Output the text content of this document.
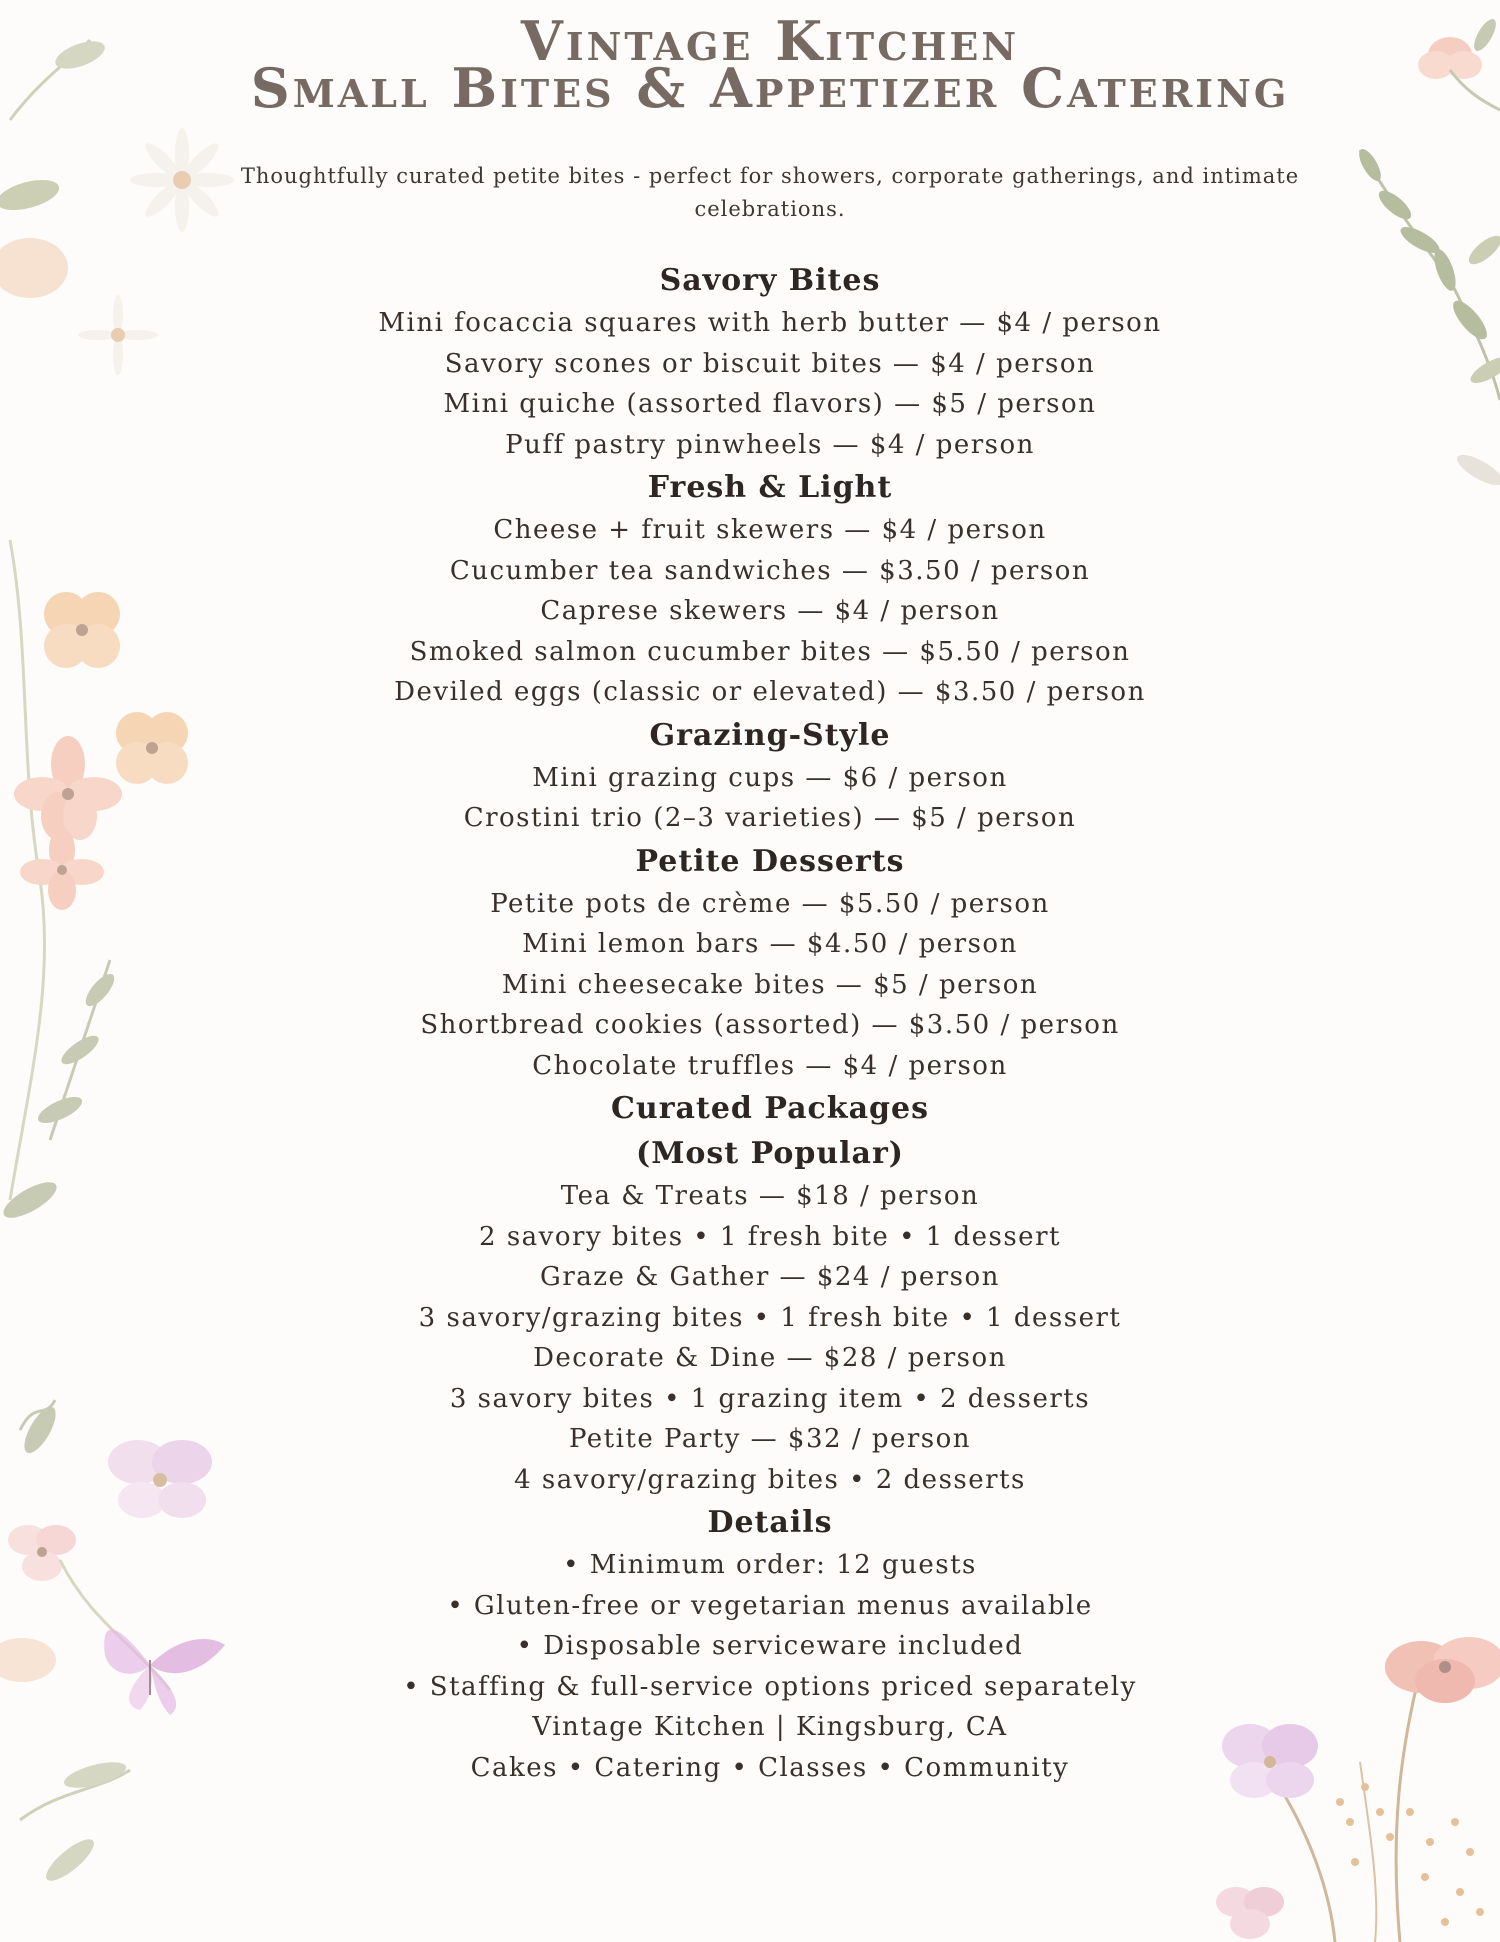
Vintage Kitchen
Small Bites & Appetizer Catering
Thoughtfully curated petite bites - perfect for showers, corporate gatherings, and intimate
celebrations.
Savory Bites
Mini focaccia squares with herb butter — $4 / person
Savory scones or biscuit bites — $4 / person
Mini quiche (assorted flavors) — $5 / person
Puff pastry pinwheels — $4 / person
Fresh & Light
Cheese + fruit skewers — $4 / person
Cucumber tea sandwiches — $3.50 / person
Caprese skewers — $4 / person
Smoked salmon cucumber bites — $5.50 / person
Deviled eggs (classic or elevated) — $3.50 / person
Grazing-Style
Mini grazing cups — $6 / person
Crostini trio (2–3 varieties) — $5 / person
Petite Desserts
Petite pots de crème — $5.50 / person
Mini lemon bars — $4.50 / person
Mini cheesecake bites — $5 / person
Shortbread cookies (assorted) — $3.50 / person
Chocolate truffles — $4 / person
Curated Packages
(Most Popular)
Tea & Treats — $18 / person
2 savory bites • 1 fresh bite • 1 dessert
Graze & Gather — $24 / person
3 savory/grazing bites • 1 fresh bite • 1 dessert
Decorate & Dine — $28 / person
3 savory bites • 1 grazing item • 2 desserts
Petite Party — $32 / person
4 savory/grazing bites • 2 desserts
Details
• Minimum order: 12 guests
• Gluten-free or vegetarian menus available
• Disposable serviceware included
• Staffing & full-service options priced separately
Vintage Kitchen | Kingsburg, CA
Cakes • Catering • Classes • Community
